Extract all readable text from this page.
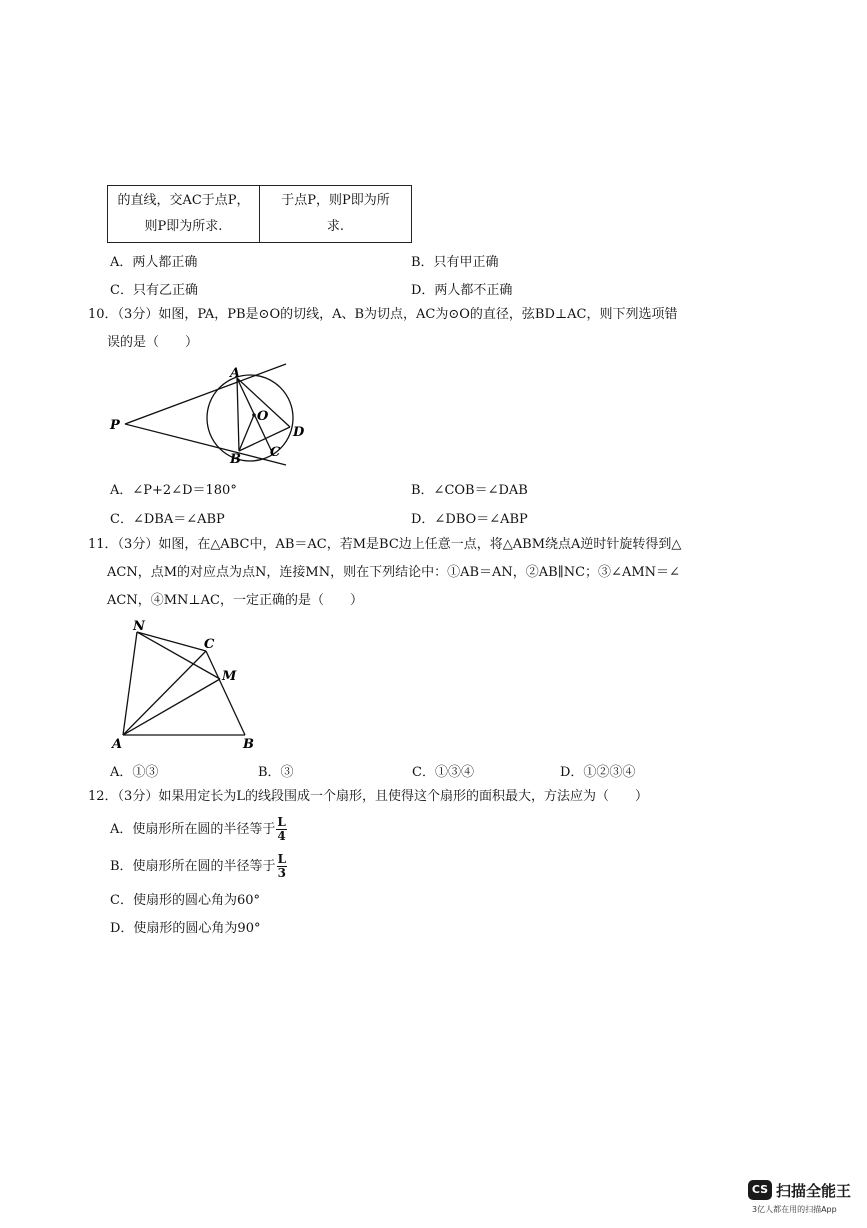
的直线，交AC于点P，
则P即为所求.

于点P，则P即为所
求.
A．两人都正确	B．只有甲正确
C．只有乙正确	D．两人都不正确
10．（3分）如图，PA，PB是⊙O的切线，A、B为切点，AC为⊙O的直径，弦BD⊥AC，则下列选项错
误的是（　　）
A
O
P	D
C
B
A．∠P+2∠D＝180°	B．∠COB＝∠DAB
C．∠DBA＝∠ABP	D．∠DBO＝∠ABP
11．（3分）如图，在△ABC中，AB＝AC，若M是BC边上任意一点，将△ABM绕点A逆时针旋转得到△
ACN，点M的对应点为点N，连接MN，则在下列结论中：①AB＝AN，②AB∥NC；③∠AMN＝∠
ACN，④MN⊥AC，一定正确的是（　　）
N
C
M
A	B
A．①③	B．③	C．①③④	D．①②③④
12．（3分）如果用定长为L的线段围成一个扇形，且使得这个扇形的面积最大，方法应为（　　）
A．使扇形所在圆的半径等于 $\frac{L}{4}$
B．使扇形所在圆的半径等于 $\frac{L}{3}$
C．使扇形的圆心角为60°
D．使扇形的圆心角为90°
CS 扫描全能王
3亿人都在用的扫描App
